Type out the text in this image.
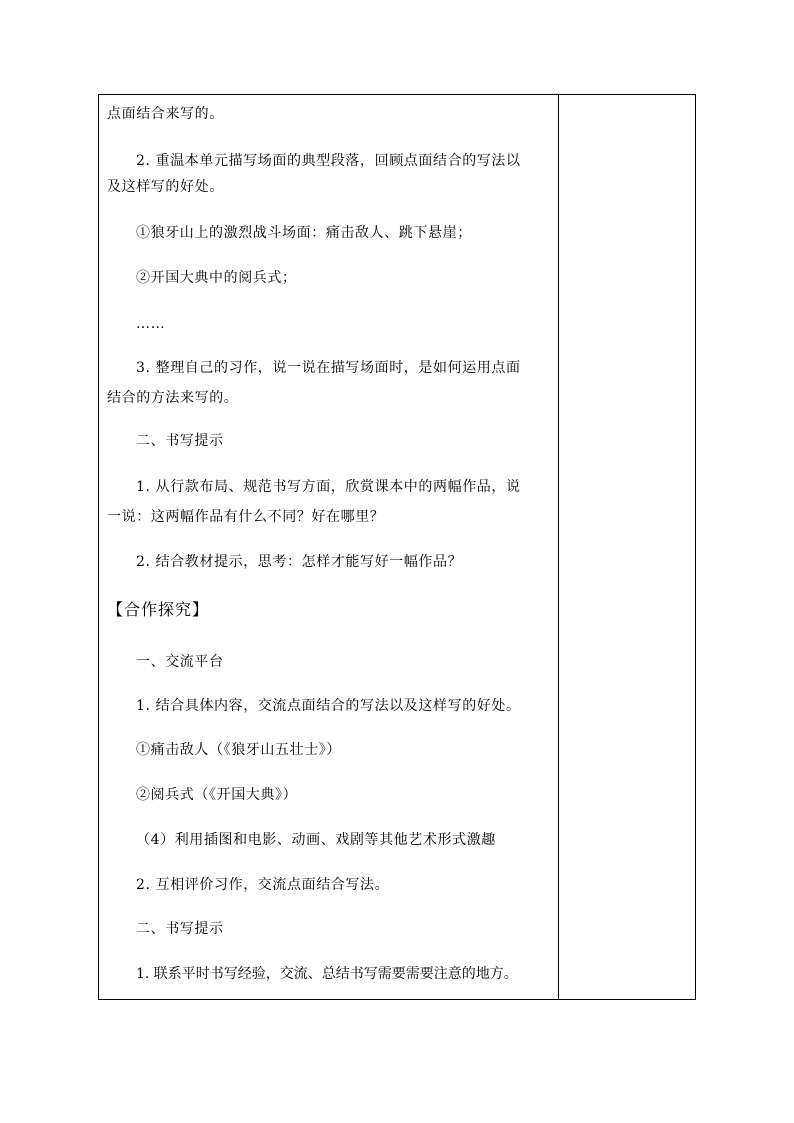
点面结合来写的。
2. 重温本单元描写场面的典型段落，回顾点面结合的写法以
及这样写的好处。
①狼牙山上的激烈战斗场面：痛击敌人、跳下悬崖；
②开国大典中的阅兵式；
……
3. 整理自己的习作，说一说在描写场面时，是如何运用点面
结合的方法来写的。
二、书写提示
1. 从行款布局、规范书写方面，欣赏课本中的两幅作品，说
一说：这两幅作品有什么不同？好在哪里？
2. 结合教材提示，思考：怎样才能写好一幅作品？
【合作探究】
一、交流平台
1. 结合具体内容，交流点面结合的写法以及这样写的好处。
①痛击敌人（《狼牙山五壮士》）
②阅兵式（《开国大典》）
（4）利用插图和电影、动画、戏剧等其他艺术形式激趣
2. 互相评价习作，交流点面结合写法。
二、书写提示
1. 联系平时书写经验，交流、总结书写需要需要注意的地方。
